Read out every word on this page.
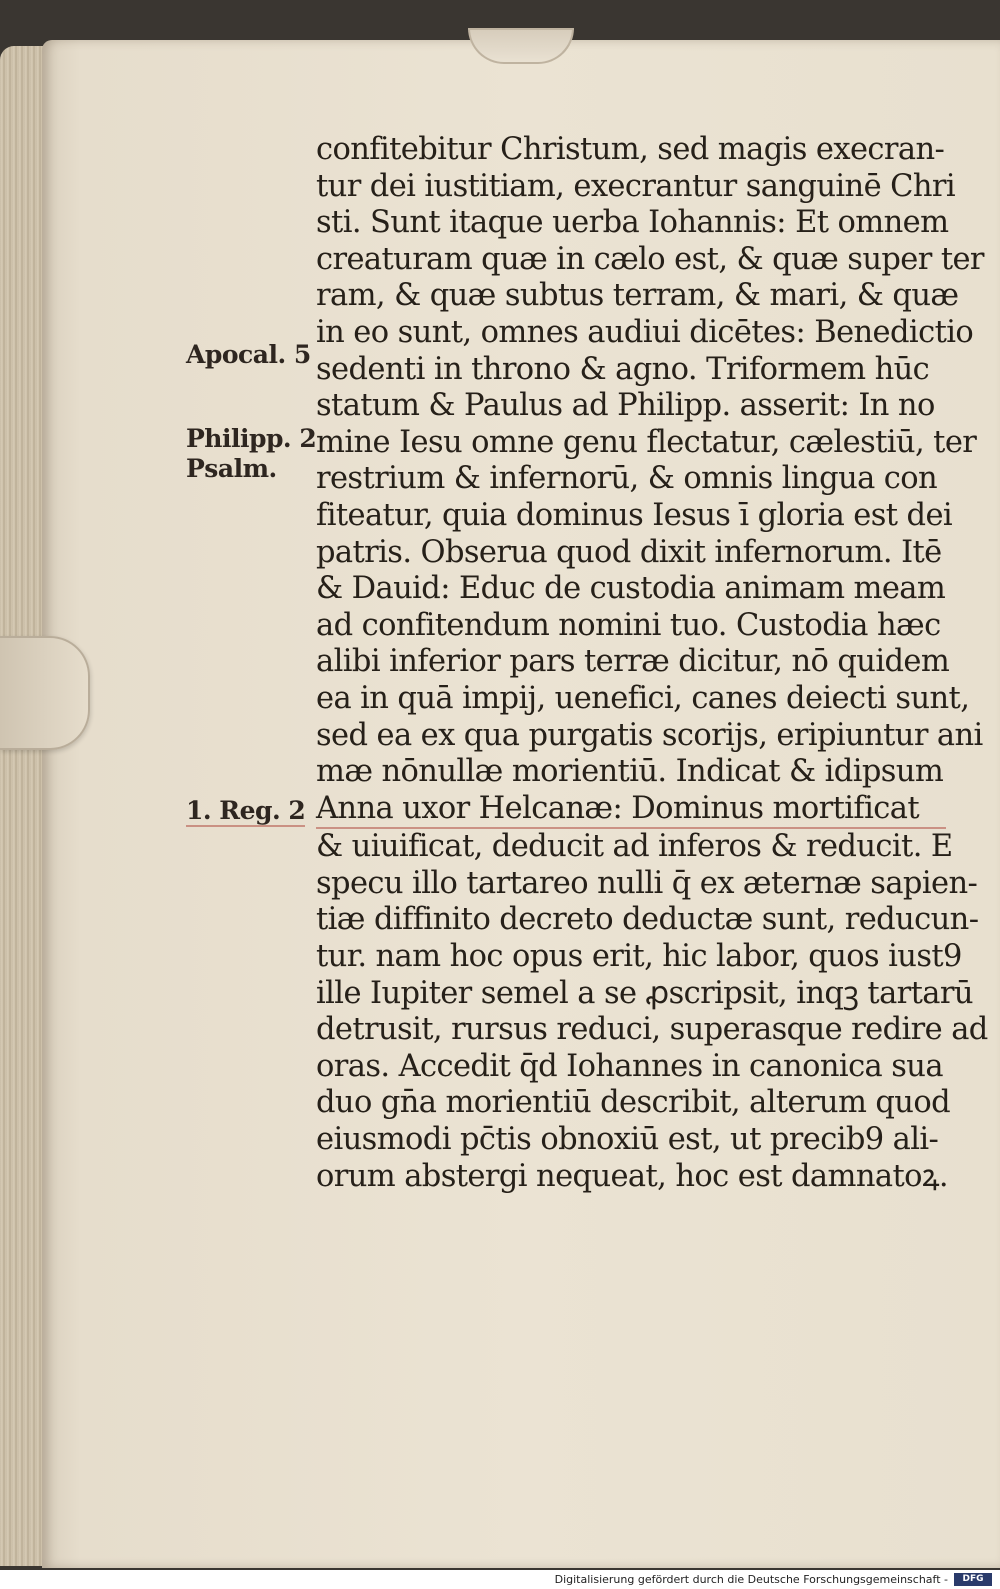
confitebitur Christum, sed magis execran-
tur dei iustitiam, execrantur sanguinē Chri
sti. Sunt itaque uerba Iohannis: Et omnem
creaturam quæ in cælo est, & quæ super ter
ram, & quæ subtus terram, & mari, & quæ
in eo sunt, omnes audiui dicētes: Benedictio
sedenti in throno & agno. Triformem hūc
statum & Paulus ad Philipp. asserit: In no
mine Iesu omne genu flectatur, cælestiū, ter
restrium & infernorū, & omnis lingua con
fiteatur, quia dominus Iesus ī gloria est dei
patris. Obserua quod dixit infernorum. Itē
& Dauid: Educ de custodia animam meam
ad confitendum nomini tuo. Custodia hæc
alibi inferior pars terræ dicitur, nō quidem
ea in quā impij, uenefici, canes deiecti sunt,
sed ea ex qua purgatis scorijs, eripiuntur ani
mæ nōnullæ morientiū. Indicat & idipsum
Anna uxor Helcanæ: Dominus mortificat
& uiuificat, deducit ad inferos & reducit. E
specu illo tartareo nulli q̄ ex æternæ sapien-
tiæ diffinito decreto deductæ sunt, reducun-
tur. nam hoc opus erit, hic labor, quos iust9
ille Iupiter semel a se ꝓscripsit, inqꝫ tartarū
detrusit, rursus reduci, superasque redire ad
oras. Accedit q̄d Iohannes in canonica sua
duo gn̄a morientiū describit, alterum quod
eiusmodi pc̄tis obnoxiū est, ut precib9 ali-
orum abstergi nequeat, hoc est damnatoꝝ.
Apocal. 5
Philipp. 2
Psalm.
1. Reg. 2
Digitalisierung gefördert durch die Deutsche Forschungsgemeinschaft -	DFG
